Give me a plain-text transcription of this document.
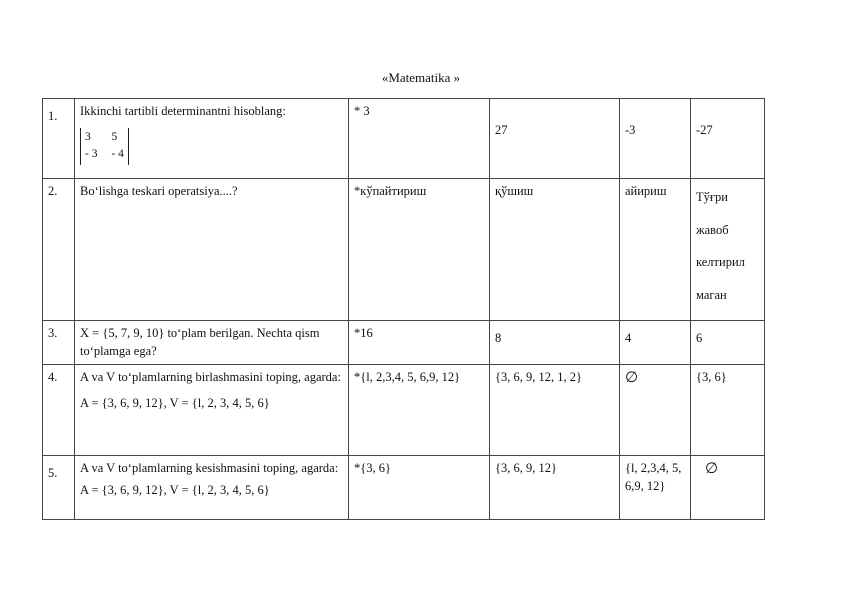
«Matematika »
1.	Ikkinchi tartibli determinantni hisoblang:
3 5
- 3 - 4	* 3	27	-3	-27
2.	Bo‘lishga teskari operatsiya....?	*кўпайтириш	қўшиш	айириш	Тўғри
жавоб
келтирил
маган

3.	X = {5, 7, 9, 10} to‘plam berilgan. Nechta qism to‘plamga ega?	*16	8	4	6
4.	A va V to‘plamlarning birlashmasini toping, agarda:
A = {3, 6, 9, 12}, V = {l, 2, 3, 4, 5, 6}	*{l, 2,3,4, 5, 6,9, 12}	{3, 6, 9, 12, 1, 2}	∅	{3, 6}
5.	A va V to‘plamlarning kesishmasini toping, agarda:
A = {3, 6, 9, 12}, V = {l, 2, 3, 4, 5, 6}	*{3, 6}	{3, 6, 9, 12}	{l, 2,3,4, 5, 6,9, 12}	∅
